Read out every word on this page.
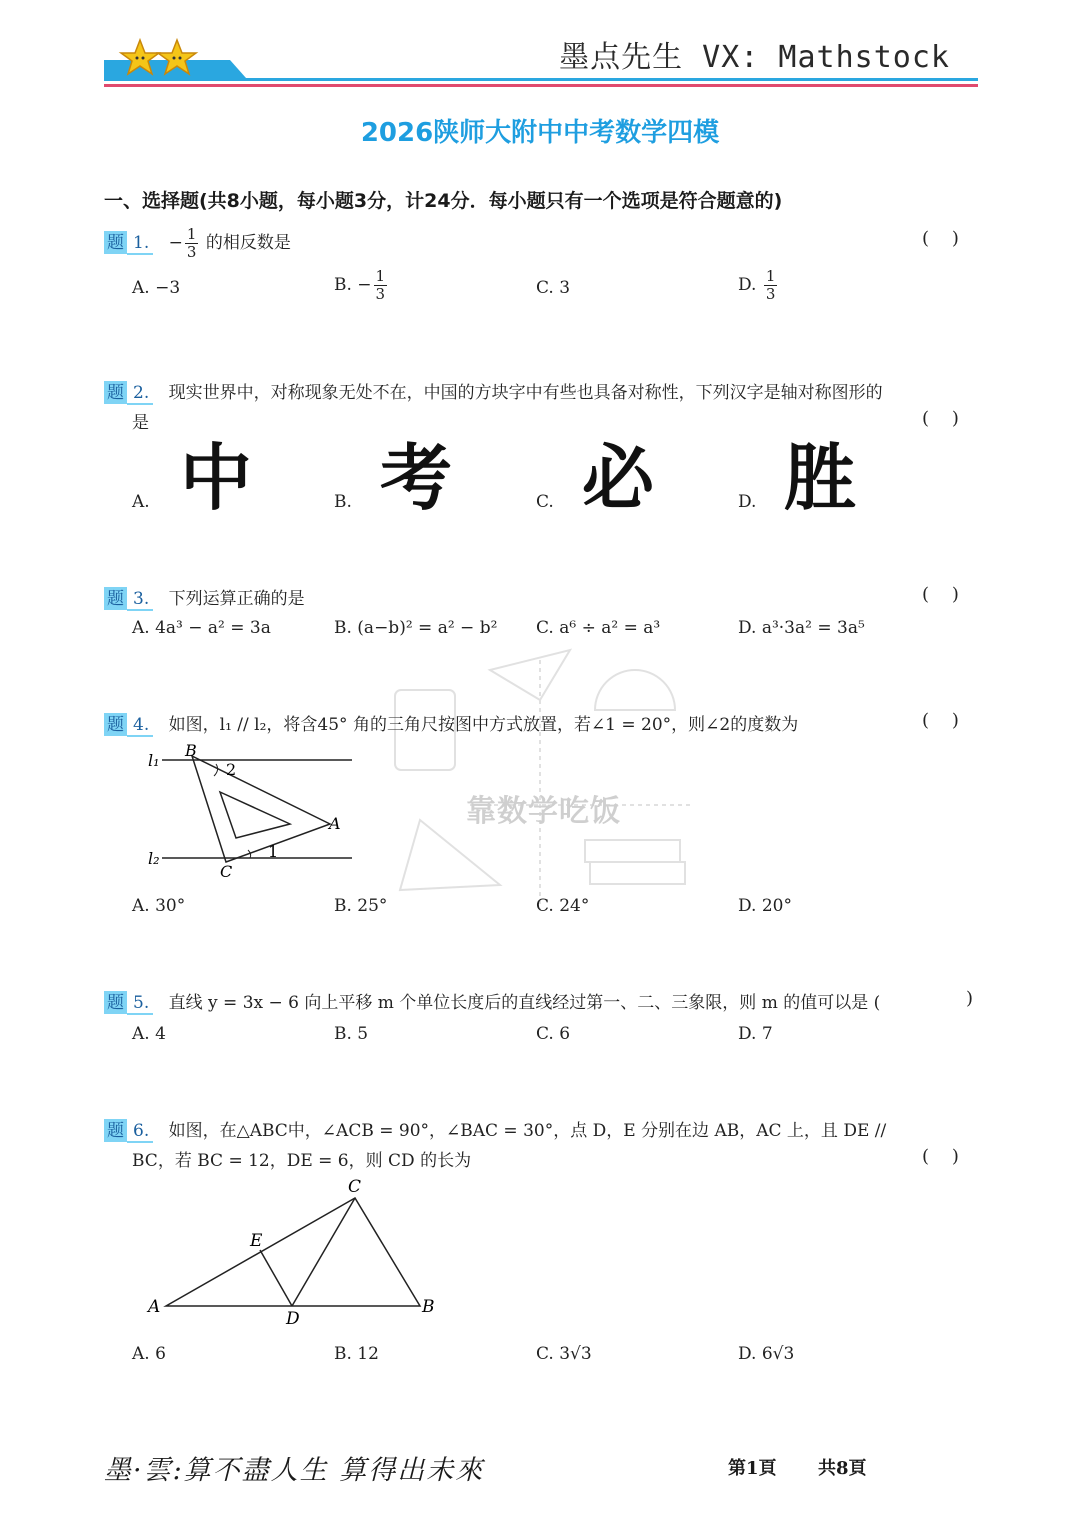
墨点先生 VX: Mathstock
2026陕师大附中中考数学四模
一、选择题(共8小题，每小题3分，计24分．每小题只有一个选项是符合题意的)
靠数学吃饭
题 1. − $\frac{1}{3}$ 的相反数是	(    )
A. −3	B. − $\frac{1}{3}$	C. 3	D. $\frac{1}{3}$
题 2. 现实世界中，对称现象无处不在，中国的方块字中有些也具备对称性，下列汉字是轴对称图形的
是	(    )
A. 中	B. 考	C. 必	D. 胜
题 3. 下列运算正确的是	(    )
A. 4a³ − a² = 3a	B. (a−b)² = a² − b² C. a⁶ ÷ a² = a³	D. a³·3a² = 3a⁵
题 4. 如图，l₁ // l₂，将含45° 角的三角尺按图中方式放置，若∠1 = 20°，则∠2的度数为	(    )
l₁
l₂
B
A
C
1
2
A. 30°	B. 25°	C. 24°	D. 20°
题 5. 直线 y = 3x − 6 向上平移 m 个单位长度后的直线经过第一、二、三象限，则 m 的值可以是 (	)
A. 4	B. 5	C. 6	D. 7
题 6. 如图，在△ABC中，∠ACB = 90°，∠BAC = 30°，点 D，E 分别在边 AB，AC 上，且 DE //
BC，若 BC = 12，DE = 6，则 CD 的长为	(    )
A	B
C
D
E
A. 6	B. 12	C. 3√3	D. 6√3
墨·雲:算不盡人生 算得出未來	第1頁 共8頁
